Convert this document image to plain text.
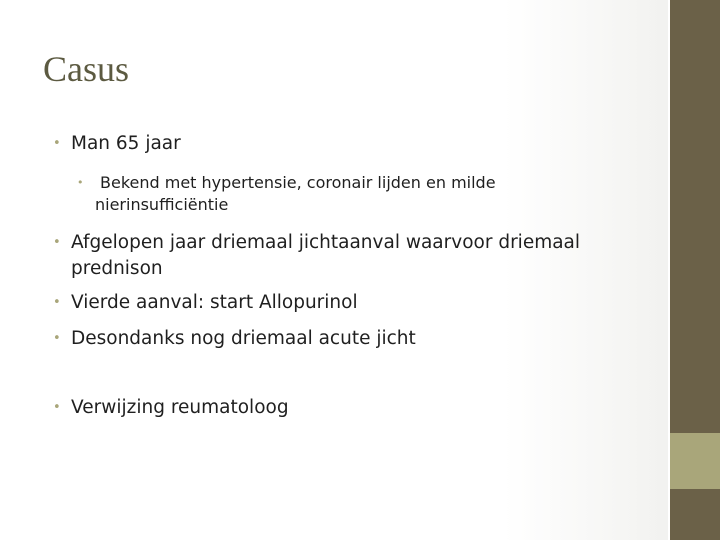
Casus
• Man 65 jaar
•	Bekend met hypertensie, coronair lijden en milde nierinsufficiëntie
• Afgelopen jaar driemaal jichtaanval waarvoor driemaal prednison
• Vierde aanval: start Allopurinol
• Desondanks nog driemaal acute jicht
• Verwijzing reumatoloog
